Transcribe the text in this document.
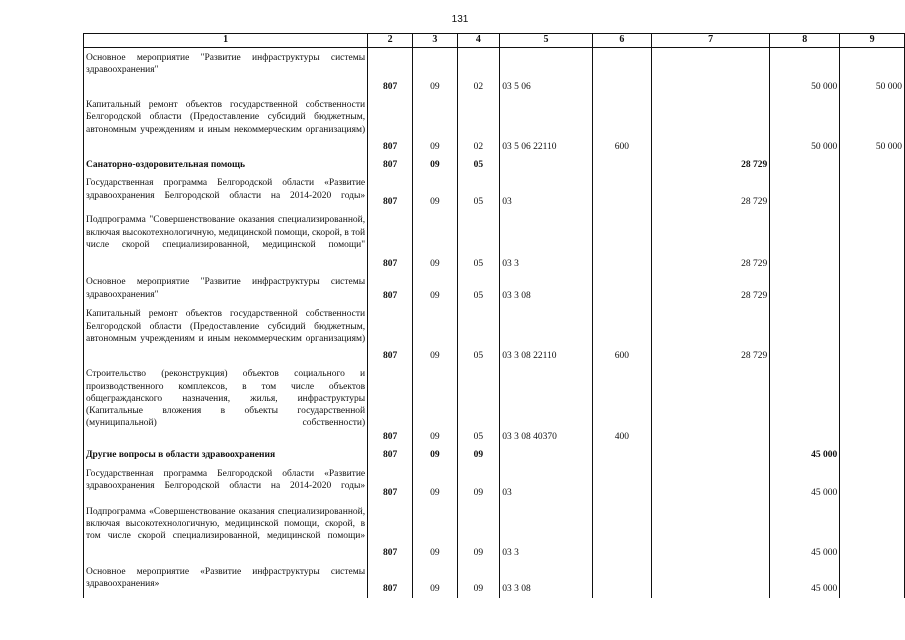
131
1	2	3	4	5	6	7	8	9
Основное мероприятие "Развитие инфраструктуры системы здравоохранения"	807	09	02	03 5 06			50 000	50 000
Капитальный ремонт объектов государственной собственности Белгородской области (Предоставление субсидий бюджетным, автономным учреждениям и иным некоммерческим организациям)	807	09	02	03 5 06 22110	600		50 000	50 000
Санаторно-оздоровительная помощь	807	09	05			28 729		
Государственная программа Белгородской области «Развитие здравоохранения Белгородской области на 2014-2020 годы»	807	09	05	03		28 729		
Подпрограмма "Совершенствование оказания специализированной, включая высокотехнологичную, медицинской помощи, скорой, в той числе скорой специализированной, медицинской помощи"	807	09	05	03 3		28 729		
Основное мероприятие "Развитие инфраструктуры системы здравоохранения"	807	09	05	03 3 08		28 729		
Капитальный ремонт объектов государственной собственности Белгородской области (Предоставление субсидий бюджетным, автономным учреждениям и иным некоммерческим организациям)	807	09	05	03 3 08 22110	600	28 729		
Строительство (реконструкция) объектов социального и производственного комплексов, в том числе объектов общегражданского назначения, жилья, инфраструктуры (Капитальные вложения в объекты государственной (муниципальной) собственности)	807	09	05	03 3 08 40370	400			
Другие вопросы в области здравоохранения	807	09	09				45 000	
Государственная программа Белгородской области «Развитие здравоохранения Белгородской области на 2014-2020 годы»	807	09	09	03			45 000	
Подпрограмма «Совершенствование оказания специализированной, включая высокотехнологичную, медицинской помощи, скорой, в том числе скорой специализированной, медицинской помощи»	807	09	09	03 3			45 000	
Основное мероприятие «Развитие инфраструктуры системы здравоохранения»	807	09	09	03 3 08			45 000	
